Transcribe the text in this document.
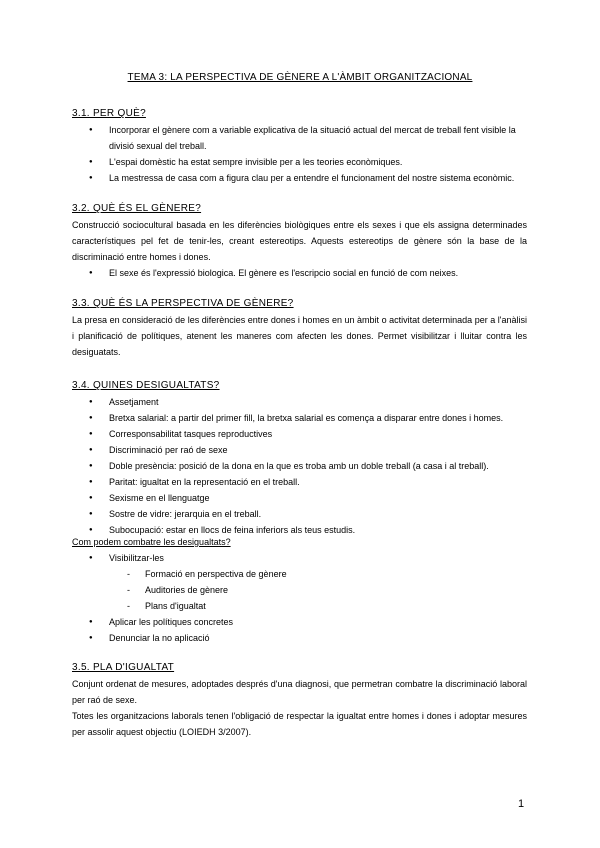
TEMA 3: LA PERSPECTIVA DE GÈNERE A L'ÀMBIT ORGANITZACIONAL
3.1. PER QUÈ?
● Incorporar el gènere com a variable explicativa de la situació actual del mercat de treball fent visible la divisió sexual del treball.
● L'espai domèstic ha estat sempre invisible per a les teories econòmiques.
● La mestressa de casa com a figura clau per a entendre el funcionament del nostre sistema econòmic.
3.2. QUÈ ÉS EL GÈNERE?
Construcció sociocultural basada en les diferències biològiques entre els sexes i que els assigna determinades característiques pel fet de tenir-les, creant estereotips. Aquests estereotips de gènere són la base de la discriminació entre homes i dones.
● El sexe és l'expressió biologica. El gènere es l'escripcio social en funció de com neixes.
3.3. QUÈ ÉS LA PERSPECTIVA DE GÈNERE?
La presa en consideració de les diferències entre dones i homes en un àmbit o activitat determinada per a l'anàlisi i planificació de polítiques, atenent les maneres com afecten les dones. Permet visibilitzar i lluitar contra les desiguatats.
3.4. QUINES DESIGUALTATS?
● Assetjament
● Bretxa salarial: a partir del primer fill, la bretxa salarial es comença a disparar entre dones i homes.
● Corresponsabilitat tasques reproductives
● Discriminació per raó de sexe
● Doble presència: posició de la dona en la que es troba amb un doble treball (a casa i al treball).
● Paritat: igualtat en la representació en el treball.
● Sexisme en el llenguatge
● Sostre de vidre: jerarquia en el treball.
● Subocupació: estar en llocs de feina inferiors als teus estudis.
Com podem combatre les desigualtats?
● Visibilitzar-les
- Formació en perspectiva de gènere
- Auditories de gènere
- Plans d'igualtat
● Aplicar les polítiques concretes
● Denunciar la no aplicació
3.5. PLA D'IGUALTAT
Conjunt ordenat de mesures, adoptades després d'una diagnosi, que permetran combatre la discriminació laboral per raó de sexe.
Totes les organitzacions laborals tenen l'obligació de respectar la igualtat entre homes i dones i adoptar mesures per assolir aquest objectiu (LOIEDH 3/2007).
1
